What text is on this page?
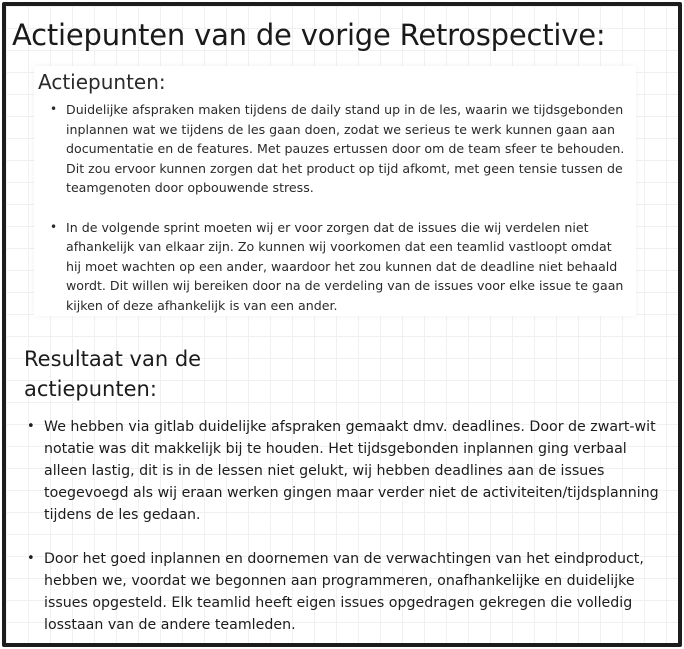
Actiepunten van de vorige Retrospective:
Actiepunten:
• Duidelijke afspraken maken tijdens de daily stand up in de les, waarin we tijdsgebonden inplannen wat we tijdens de les gaan doen, zodat we serieus te werk kunnen gaan aan documentatie en de features. Met pauzes ertussen door om de team sfeer te behouden. Dit zou ervoor kunnen zorgen dat het product op tijd afkomt, met geen tensie tussen de teamgenoten door opbouwende stress.
• In de volgende sprint moeten wij er voor zorgen dat de issues die wij verdelen niet afhankelijk van elkaar zijn. Zo kunnen wij voorkomen dat een teamlid vastloopt omdat hij moet wachten op een ander, waardoor het zou kunnen dat de deadline niet behaald wordt. Dit willen wij bereiken door na de verdeling van de issues voor elke issue te gaan kijken of deze afhankelijk is van een ander.
Resultaat van de actiepunten:
• We hebben via gitlab duidelijke afspraken gemaakt dmv. deadlines. Door de zwart-wit notatie was dit makkelijk bij te houden. Het tijdsgebonden inplannen ging verbaal alleen lastig, dit is in de lessen niet gelukt, wij hebben deadlines aan de issues toegevoegd als wij eraan werken gingen maar verder niet de activiteiten/tijdsplanning tijdens de les gedaan.
• Door het goed inplannen en doornemen van de verwachtingen van het eindproduct, hebben we, voordat we begonnen aan programmeren, onafhankelijke en duidelijke issues opgesteld. Elk teamlid heeft eigen issues opgedragen gekregen die volledig losstaan van de andere teamleden.
